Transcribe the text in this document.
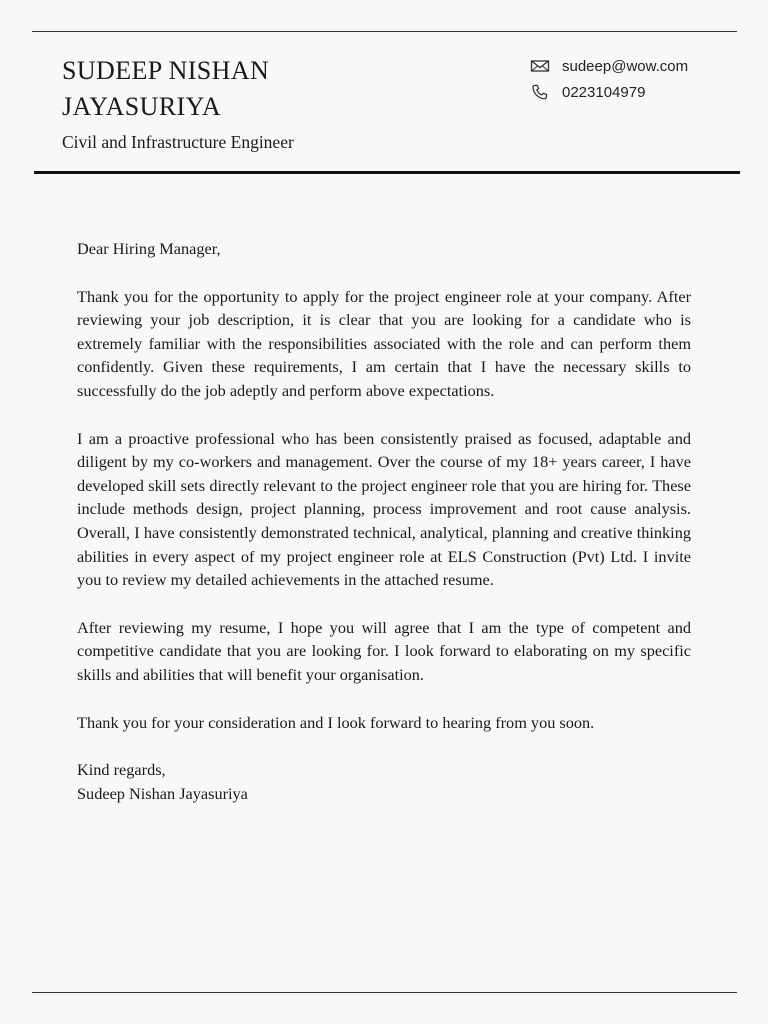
SUDEEP NISHAN
JAYASURIYA

Civil and Infrastructure Engineer

sudeep@wow.com
0223104979

Dear Hiring Manager,

Thank you for the opportunity to apply for the project engineer role at your company. After reviewing your job description, it is clear that you are looking for a candidate who is extremely familiar with the responsibilities associated with the role and can perform them confidently. Given these requirements, I am certain that I have the necessary skills to successfully do the job adeptly and perform above expectations.

I am a proactive professional who has been consistently praised as focused, adaptable and diligent by my co-workers and management. Over the course of my 18+ years career, I have developed skill sets directly relevant to the project engineer role that you are hiring for. These include methods design, project planning, process improvement and root cause analysis. Overall, I have consistently demonstrated technical, analytical, planning and creative thinking abilities in every aspect of my project engineer role at ELS Construction (Pvt) Ltd. I invite you to review my detailed achievements in the attached resume.

After reviewing my resume, I hope you will agree that I am the type of competent and competitive candidate that you are looking for. I look forward to elaborating on my specific skills and abilities that will benefit your organisation.

Thank you for your consideration and I look forward to hearing from you soon.

Kind regards,

Sudeep Nishan Jayasuriya
